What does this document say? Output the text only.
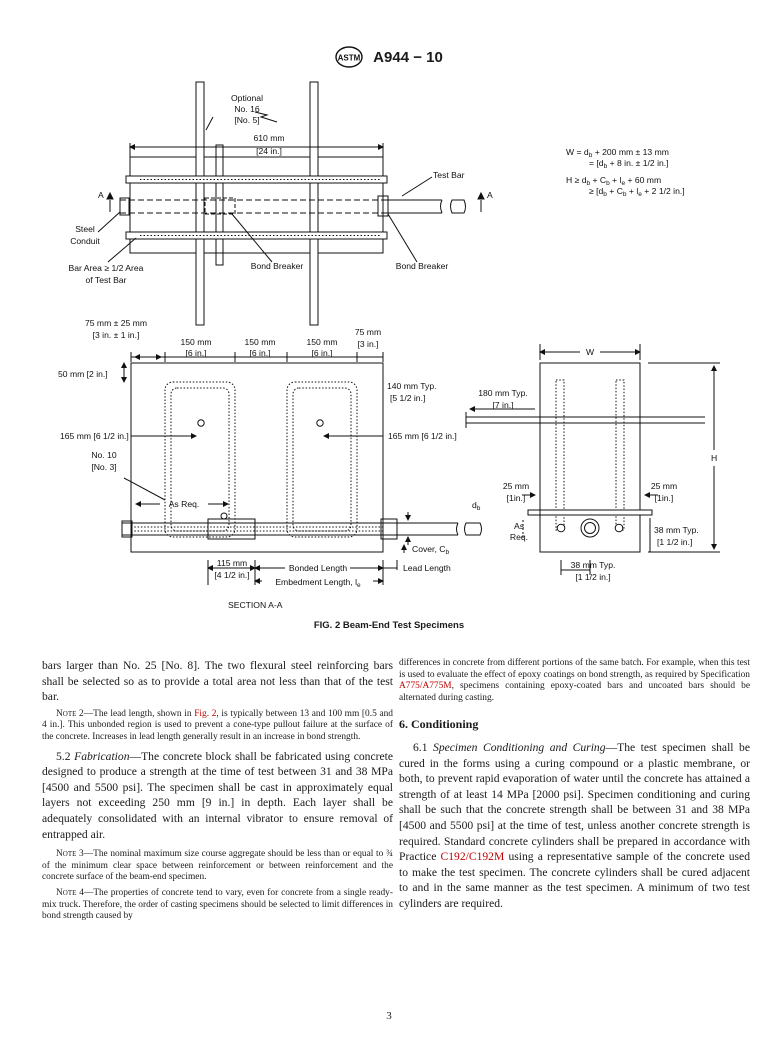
ASTM A944 − 10
Optional
No. 16
[No. 5]
610 mm
[24 in.]
Test Bar
A	A
Steel
Conduit
Bar Area ≥ 1/2 Area
of Test Bar
Bond Breaker	Bond Breaker
$W = d_b + 200$ mm ± 13 mm
= [$d_b + 8$ in. ± 1/2 in.]
$H \ge d_b + C_b + l_e + 60$ mm
≥ [$d_b + C_b + l_e + 2$ 1/2 in.]
75 mm ± 25 mm
[3 in. ± 1 in.]
150 mm
[6 in.]
150 mm
[6 in.]
150 mm
[6 in.]
75 mm
[3 in.]
50 mm [2 in.]
140 mm Typ.
[5 1/2 in.]
165 mm [6 1/2 in.]	165 mm [6 1/2 in.]
No. 10
[No. 3]
As Req.	$d_b$
Cover, $C_b$
115 mm
[4 1/2 in.]
Bonded Length	Lead Length
Embedment Length, $l_e$
SECTION A-A
W
H
180 mm Typ.
[7 in.]
25 mm
[1in.]
25 mm
[1in.]
As
Req.
38 mm Typ.
[1 1/2 in.]
38 mm Typ.
[1 1/2 in.]
FIG. 2 Beam-End Test Specimens

bars larger than No. 25 [No. 8]. The two flexural steel reinforcing bars shall be selected so as to provide a total area not less than that of the test bar.

Note 2—The lead length, shown in Fig. 2, is typically between 13 and 100 mm [0.5 and 4 in.]. This unbonded region is used to prevent a cone-type pullout failure at the surface of the concrete. Increases in lead length generally result in an increase in bond strength.

5.2 Fabrication—The concrete block shall be fabricated using concrete designed to produce a strength at the time of test between 31 and 38 MPa [4500 and 5500 psi]. The specimen shall be cast in approximately equal layers not exceeding 250 mm [9 in.] in depth. Each layer shall be adequately consolidated with an internal vibrator to ensure removal of entrapped air.

Note 3—The nominal maximum size course aggregate should be less than or equal to ¾ of the minimum clear space between reinforcement or between reinforcement and the concrete surface of the beam-end specimen.

Note 4—The properties of concrete tend to vary, even for concrete from a single ready-mix truck. Therefore, the order of casting specimens should be selected to limit differences in bond strength caused by

differences in concrete from different portions of the same batch. For example, when this test is used to evaluate the effect of epoxy coatings on bond strength, as required by Specification A775/A775M, specimens containing epoxy-coated bars and uncoated bars should be alternated during casting.

6. Conditioning

6.1 Specimen Conditioning and Curing—The test specimen shall be cured in the forms using a curing compound or a plastic membrane, or both, to prevent rapid evaporation of water until the concrete has attained a strength of at least 14 MPa [2000 psi]. Specimen conditioning and curing shall be such that the concrete strength shall be between 31 and 38 MPa [4500 and 5500 psi] at the time of test, unless another concrete strength is required. Standard concrete cylinders shall be prepared in accordance with Practice C192/C192M using a representative sample of the concrete used to make the test specimen. The concrete cylinders shall be cured adjacent to and in the same manner as the test specimen. A minimum of two test cylinders are required.

3
